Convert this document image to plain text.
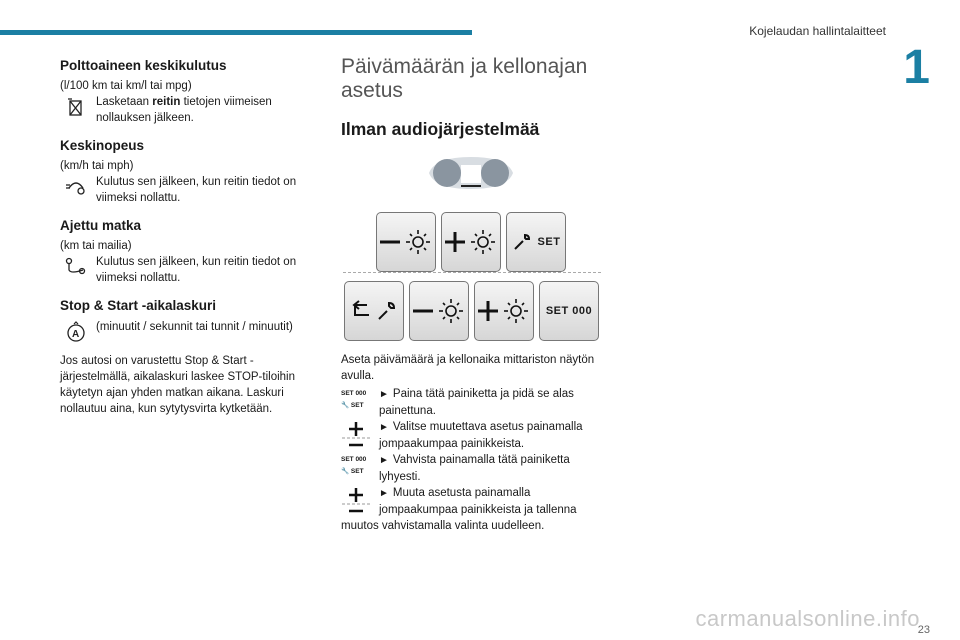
Kojelaudan hallintalaitteet
1
Polttoaineen keskikulutus
(l/100 km tai km/l tai mpg)
Lasketaan reitin tietojen viimeisen nollauksen jälkeen.
Keskinopeus
(km/h tai mph)
Kulutus sen jälkeen, kun reitin tiedot on viimeksi nollattu.
Ajettu matka
(km tai mailia)
Kulutus sen jälkeen, kun reitin tiedot on viimeksi nollattu.
Stop & Start -aikalaskuri
A
(minuutit / sekunnit tai tunnit / minuutit)

Jos autosi on varustettu Stop & Start -järjestelmällä, aikalaskuri laskee STOP-tiloihin käytetyn ajan yhden matkan aikana. Laskuri nollautuu aina, kun sytytysvirta kytketään.

Päivämäärän ja kellonajan asetus
Ilman audiojärjestelmää
SET
SET 000

Aseta päivämäärä ja kellonaika mittariston näytön avulla.

SET 000
🔧 SET
► Paina tätä painiketta ja pidä se alas painettuna.
► Valitse muutettava asetus painamalla jompaakumpaa painikkeista.
SET 000
🔧 SET
► Vahvista painamalla tätä painiketta lyhyesti.
► Muuta asetusta painamalla jompaakumpaa painikkeista ja tallenna muutos vahvistamalla valinta uudelleen.
carmanualsonline.info
23
